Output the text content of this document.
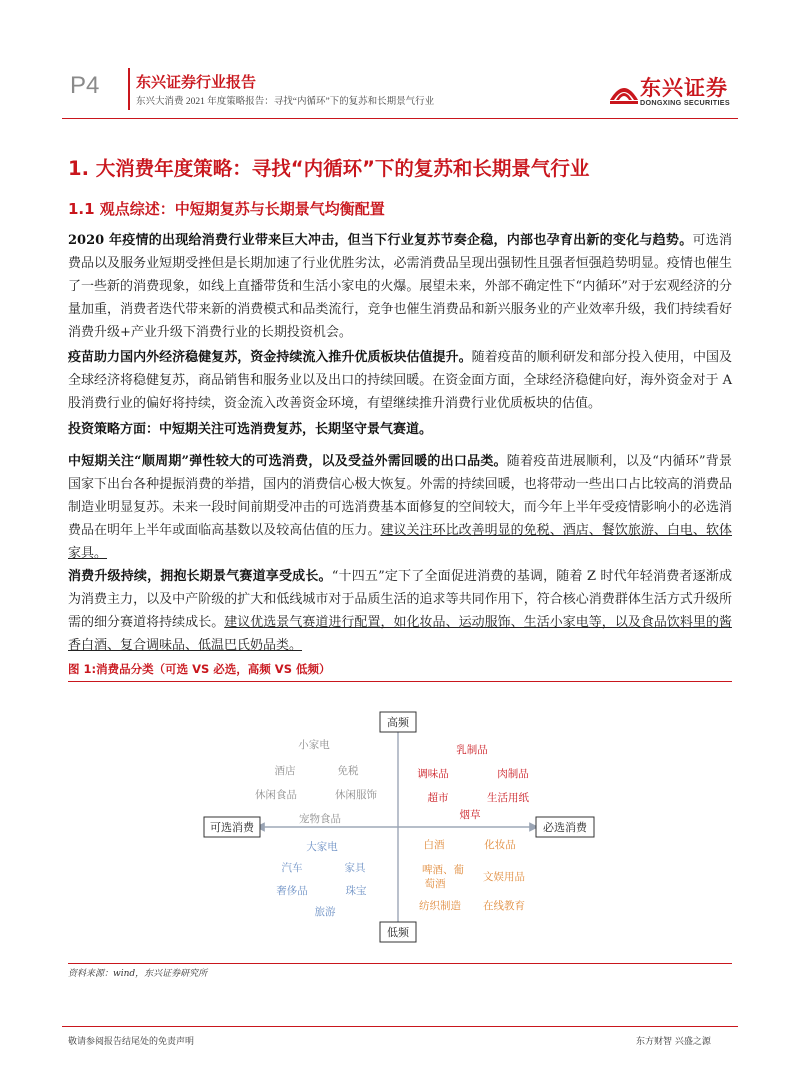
P4 东兴证券行业报告
东兴大消费 2021 年度策略报告：寻找“内循环”下的复苏和长期景气行业
东兴证券
DONGXING SECURITIES
1. 大消费年度策略：寻找“内循环”下的复苏和长期景气行业
1.1 观点综述：中短期复苏与长期景气均衡配置
2020 年疫情的出现给消费行业带来巨大冲击，但当下行业复苏节奏企稳，内部也孕育出新的变化与趋势。可选消费品以及服务业短期受挫但是长期加速了行业优胜劣汰，必需消费品呈现出强韧性且强者恒强趋势明显。疫情也催生了一些新的消费现象，如线上直播带货和生活小家电的火爆。展望未来，外部不确定性下“内循环”对于宏观经济的分量加重，消费者迭代带来新的消费模式和品类流行，竞争也催生消费品和新兴服务业的产业效率升级，我们持续看好消费升级+产业升级下消费行业的长期投资机会。
疫苗助力国内外经济稳健复苏，资金持续流入推升优质板块估值提升。随着疫苗的顺利研发和部分投入使用，中国及全球经济将稳健复苏，商品销售和服务业以及出口的持续回暖。在资金面方面，全球经济稳健向好，海外资金对于 A 股消费行业的偏好将持续，资金流入改善资金环境，有望继续推升消费行业优质板块的估值。
投资策略方面：中短期关注可选消费复苏，长期坚守景气赛道。
中短期关注“顺周期”弹性较大的可选消费，以及受益外需回暖的出口品类。随着疫苗进展顺利，以及“内循环”背景国家下出台各种提振消费的举措，国内的消费信心极大恢复。外需的持续回暖，也将带动一些出口占比较高的消费品制造业明显复苏。未来一段时间前期受冲击的可选消费基本面修复的空间较大，而今年上半年受疫情影响小的必选消费品在明年上半年或面临高基数以及较高估值的压力。建议关注环比改善明显的免税、酒店、餐饮旅游、白电、软体家具。
消费升级持续，拥抱长期景气赛道享受成长。“十四五”定下了全面促进消费的基调，随着 Z 时代年轻消费者逐渐成为消费主力，以及中产阶级的扩大和低线城市对于品质生活的追求等共同作用下，符合核心消费群体生活方式升级所需的细分赛道将持续成长。建议优选景气赛道进行配置，如化妆品、运动服饰、生活小家电等，以及食品饮料里的酱香白酒、复合调味品、低温巴氏奶品类。
图 1:消费品分类（可选 VS 必选，高频 VS 低频）
高频
低频
可选消费	必选消费
小家电
酒店	免税
休闲食品	休闲服饰
宠物食品
乳制品
调味品	肉制品
超市	生活用纸
烟草
大家电
汽车	家具
奢侈品	珠宝
旅游
白酒	化妆品
啤酒、葡
萄酒
文娱用品
纺织制造 在线教育
资料来源：wind，东兴证券研究所
敬请参阅报告结尾处的免责声明	东方财智 兴盛之源
